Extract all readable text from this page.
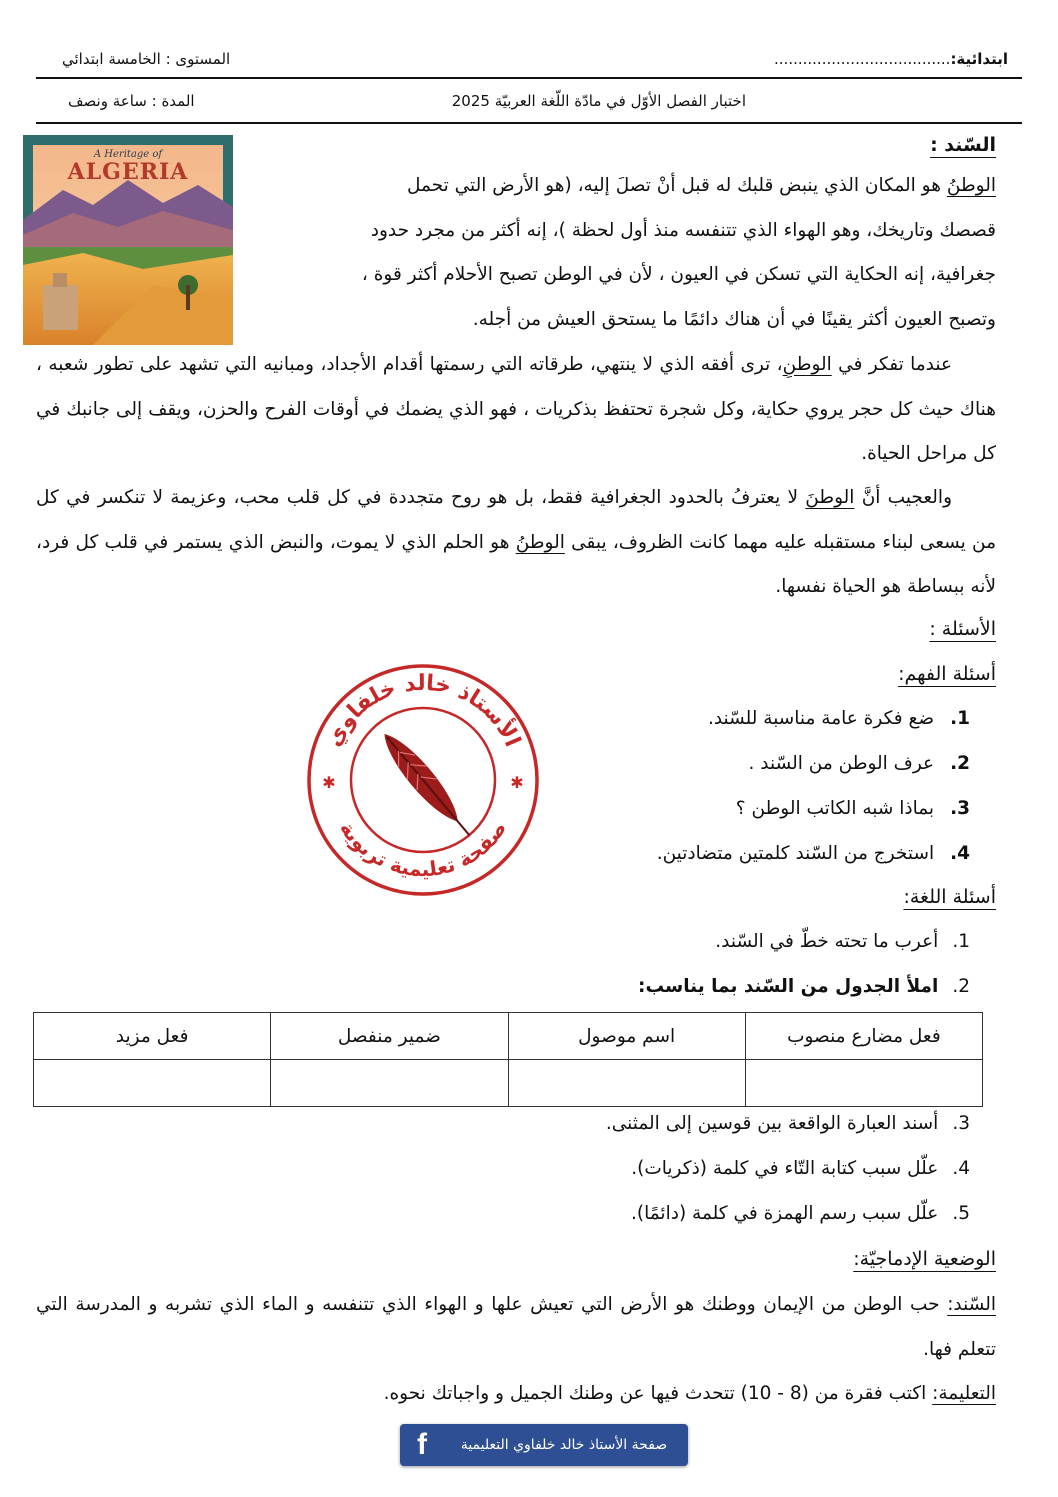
ابتدائية:.....................................
المستوى : الخامسة ابتدائي
اختبار الفصل الأوّل في مادّة اللّغة العربيّة 2025
المدة : ساعة ونصف
السّند :
A Heritage of
ALGERIA
الوطنُ هو المكان الذي ينبض قلبك له قبل أنْ تصلَ إليه، (هو الأرض التي تحمل
قصصك وتاريخك، وهو الهواء الذي تتنفسه منذ أول لحظة )، إنه أكثر من مجرد حدود
جغرافية، إنه الحكاية التي تسكن في العيون ، لأن في الوطن تصبح الأحلام أكثر قوة ،
وتصبح العيون أكثر يقينًا في أن هناك دائمًا ما يستحق العيش من أجله.
عندما تفكر في الوطنِ، ترى أفقه الذي لا ينتهي، طرقاته التي رسمتها أقدام الأجداد، ومبانيه التي تشهد على تطور شعبه ، هناك حيث كل حجر يروي حكاية، وكل شجرة تحتفظ بذكريات ، فهو الذي يضمك في أوقات الفرح والحزن، ويقف إلى جانبك في كل مراحل الحياة.
والعجيب أنَّ الوطنَ لا يعترفُ بالحدود الجغرافية فقط، بل هو روح متجددة في كل قلب محب، وعزيمة لا تنكسر في كل من يسعى لبناء مستقبله عليه مهما كانت الظروف، يبقى الوطنُ هو الحلم الذي لا يموت، والنبض الذي يستمر في قلب كل فرد، لأنه ببساطة هو الحياة نفسها.
الأسئلة :
أسئلة الفهم:
1.ضع فكرة عامة مناسبة للسّند.
2.عرف الوطن من السّند .
3.بماذا شبه الكاتب الوطن ؟
4.استخرج من السّند كلمتين متضادتين.
الأستاذ خالد خلفاوي
صفحة تعليمية تربوية
✱	✱
أسئلة اللغة:
1.أعرب ما تحته خطّ في السّند.
2.املأ الجدول من السّند بما يناسب:
فعل مضارع منصوب	اسم موصول	ضمير منفصل	فعل مزيد

3.أسند العبارة الواقعة بين قوسين إلى المثنى.
4.علّل سبب كتابة التّاء في كلمة (ذكريات).
5.علّل سبب رسم الهمزة في كلمة (دائمًا).
الوضعية الإدماجيّة:
السّند: حب الوطن من الإيمان ووطنك هو الأرض التي تعيش علها و الهواء الذي تتنفسه و الماء الذي تشربه و المدرسة التي تتعلم فها.
التعليمة: اكتب فقرة من (8 - 10) تتحدث فيها عن وطنك الجميل و واجباتك نحوه.
f	صفحة الأستاذ خالد خلفاوي التعليمية
